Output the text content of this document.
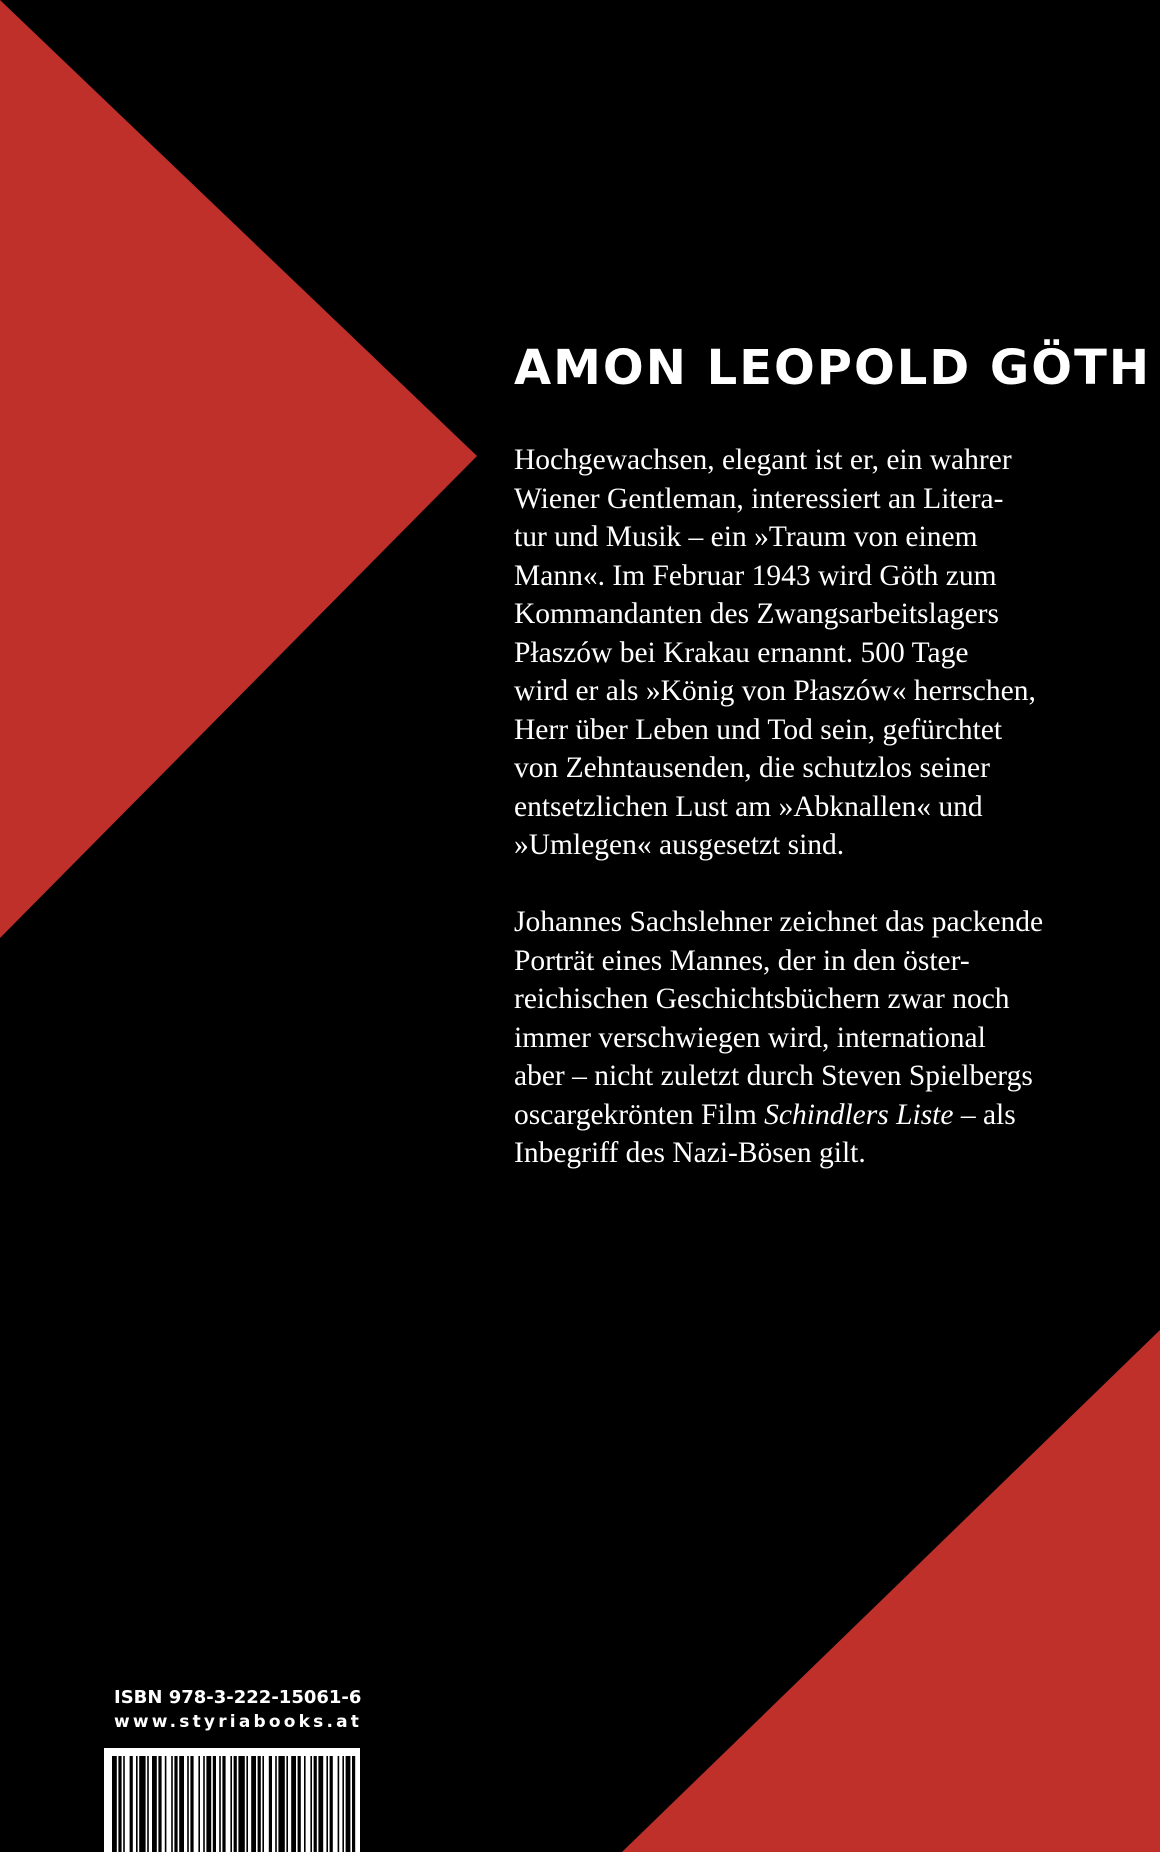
AMON LEOPOLD GÖTH
Hochgewachsen, elegant ist er, ein wahrer
Wiener Gentleman, interessiert an Litera-
tur und Musik – ein »Traum von einem
Mann«. Im Februar 1943 wird Göth zum
Kommandanten des Zwangsarbeitslagers
Płaszów bei Krakau ernannt. 500 Tage
wird er als »König von Płaszów« herrschen,
Herr über Leben und Tod sein, gefürchtet
von Zehntausenden, die schutzlos seiner
entsetzlichen Lust am »Abknallen« und
»Umlegen« ausgesetzt sind.
Johannes Sachslehner zeichnet das packende
Porträt eines Mannes, der in den öster-
reichischen Geschichtsbüchern zwar noch
immer verschwiegen wird, international
aber – nicht zuletzt durch Steven Spielbergs
oscargekrönten Film Schindlers Liste – als
Inbegriff des Nazi-Bösen gilt.
ISBN 978-3-222-15061-6
www.styriabooks.at
